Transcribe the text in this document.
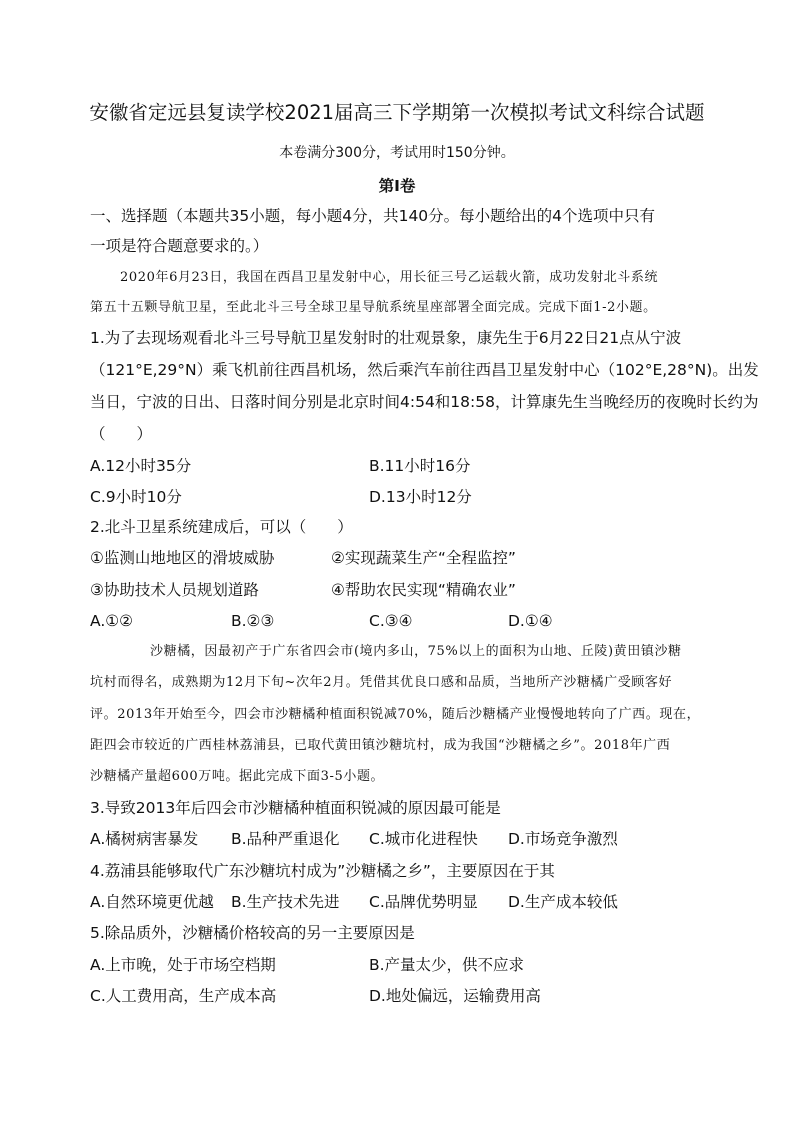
安徽省定远县复读学校2021届高三下学期第一次模拟考试文科综合试题
本卷满分300分，考试用时150分钟。
第Ⅰ卷
一、选择题（本题共35小题，每小题4分，共140分。每小题给出的4个选项中只有
一项是符合题意要求的。）
2020年6月23日，我国在西昌卫星发射中心，用长征三号乙运载火箭，成功发射北斗系统
第五十五颗导航卫星，至此北斗三号全球卫星导航系统星座部署全面完成。完成下面1-2小题。
1.为了去现场观看北斗三号导航卫星发射时的壮观景象，康先生于6月22日21点从宁波
（121°E,29°N）乘飞机前往西昌机场，然后乘汽车前往西昌卫星发射中心（102°E,28°N)。出发
当日，宁波的日出、日落时间分别是北京时间4:54和18:58，计算康先生当晚经历的夜晚时长约为
（　　）
A.12小时35分	B.11小时16分
C.9小时10分	D.13小时12分
2.北斗卫星系统建成后，可以（　　）
①监测山地地区的滑坡威胁	②实现蔬菜生产“全程监控”
③协助技术人员规划道路	④帮助农民实现“精确农业”
A.①②	B.②③	C.③④	D.①④
沙糖橘，因最初产于广东省四会市(境内多山，75%以上的面积为山地、丘陵)黄田镇沙糖
坑村而得名，成熟期为12月下旬~次年2月。凭借其优良口感和品质，当地所产沙糖橘广受顾客好
评。2013年开始至今，四会市沙糖橘种植面积锐减70%，随后沙糖橘产业慢慢地转向了广西。现在，
距四会市较近的广西桂林荔浦县，已取代黄田镇沙糖坑村，成为我国“沙糖橘之乡”。2018年广西
沙糖橘产量超600万吨。据此完成下面3-5小题。
3.导致2013年后四会市沙糖橘种植面积锐减的原因最可能是
A.橘树病害暴发 B.品种严重退化 C.城市化进程快 D.市场竞争激烈
4.荔浦县能够取代广东沙糖坑村成为”沙糖橘之乡”，主要原因在于其
A.自然环境更优越 B.生产技术先进 C.品牌优势明显 D.生产成本较低
5.除品质外，沙糖橘价格较高的另一主要原因是
A.上市晚，处于市场空档期	B.产量太少，供不应求
C.人工费用高，生产成本高	D.地处偏远，运输费用高
